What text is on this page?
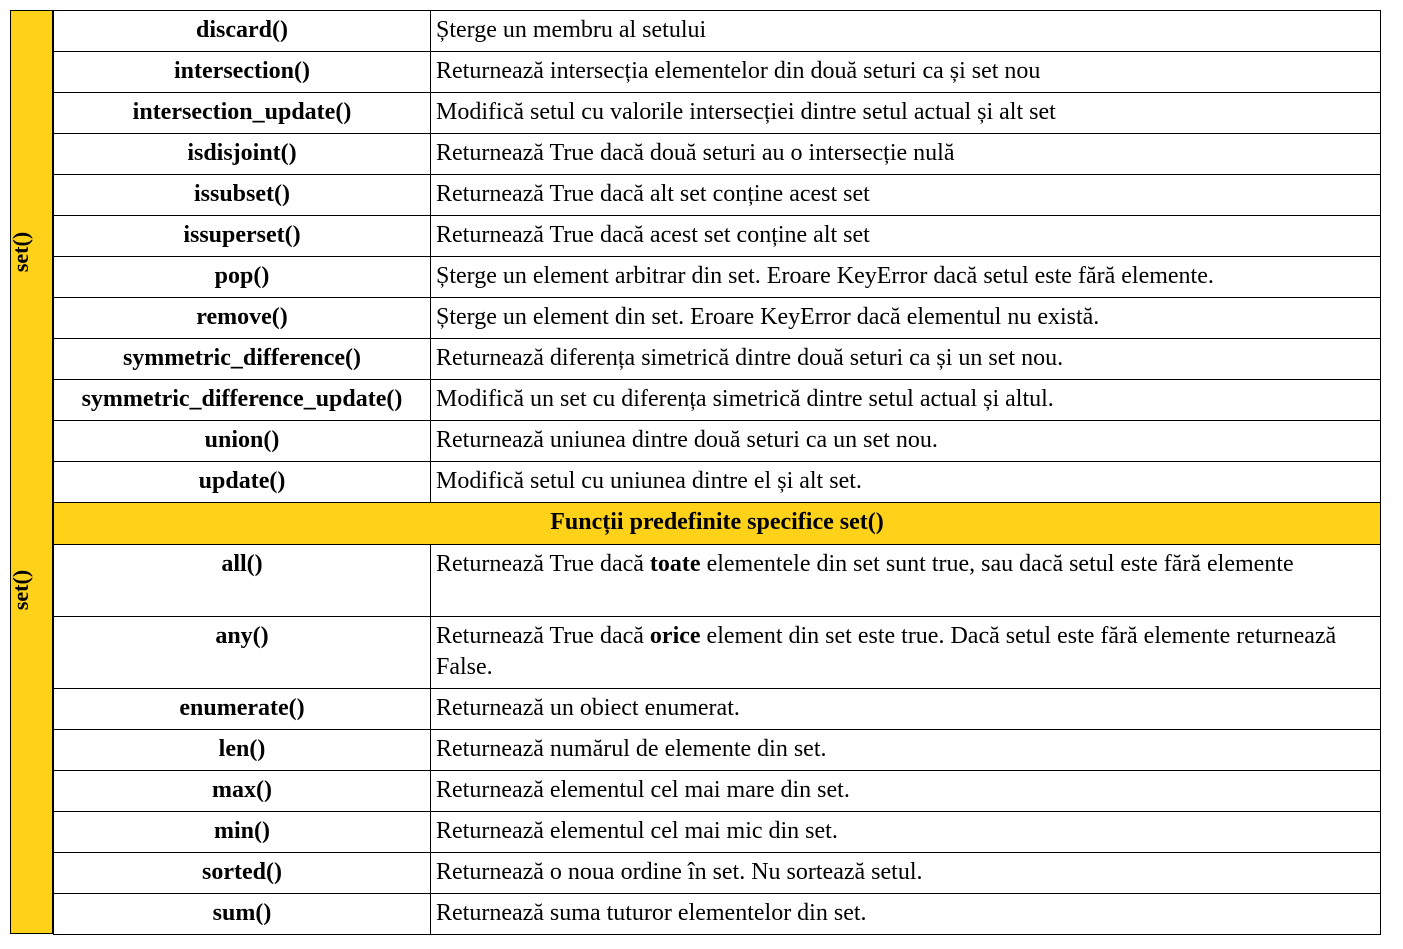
set()
set()
discard()	Șterge un membru al setului
intersection()	Returnează intersecția elementelor din două seturi ca și set nou
intersection_update()	Modifică setul cu valorile intersecției dintre setul actual și alt set
isdisjoint()	Returnează True dacă două seturi au o intersecție nulă
issubset()	Returnează True dacă alt set conține acest set
issuperset()	Returnează True dacă acest set conține alt set
pop()	Șterge un element arbitrar din set. Eroare KeyError dacă setul este fără elemente.
remove()	Șterge un element din set. Eroare KeyError dacă elementul nu există.
symmetric_difference()	Returnează diferența simetrică dintre două seturi ca și un set nou.
symmetric_difference_update()	Modifică un set cu diferența simetrică dintre setul actual și altul.
union()	Returnează uniunea dintre două seturi ca un set nou.
update()	Modifică setul cu uniunea dintre el și alt set.
Funcții predefinite specifice set()	
all()	Returnează True dacă toate elementele din set sunt true, sau dacă setul este fără elemente
any()	Returnează True dacă orice element din set este true. Dacă setul este fără elemente returnează False.
enumerate()	Returnează un obiect enumerat.
len()	Returnează numărul de elemente din set.
max()	Returnează elementul cel mai mare din set.
min()	Returnează elementul cel mai mic din set.
sorted()	Returnează o noua ordine în set. Nu sortează setul.
sum()	Returnează suma tuturor elementelor din set.
